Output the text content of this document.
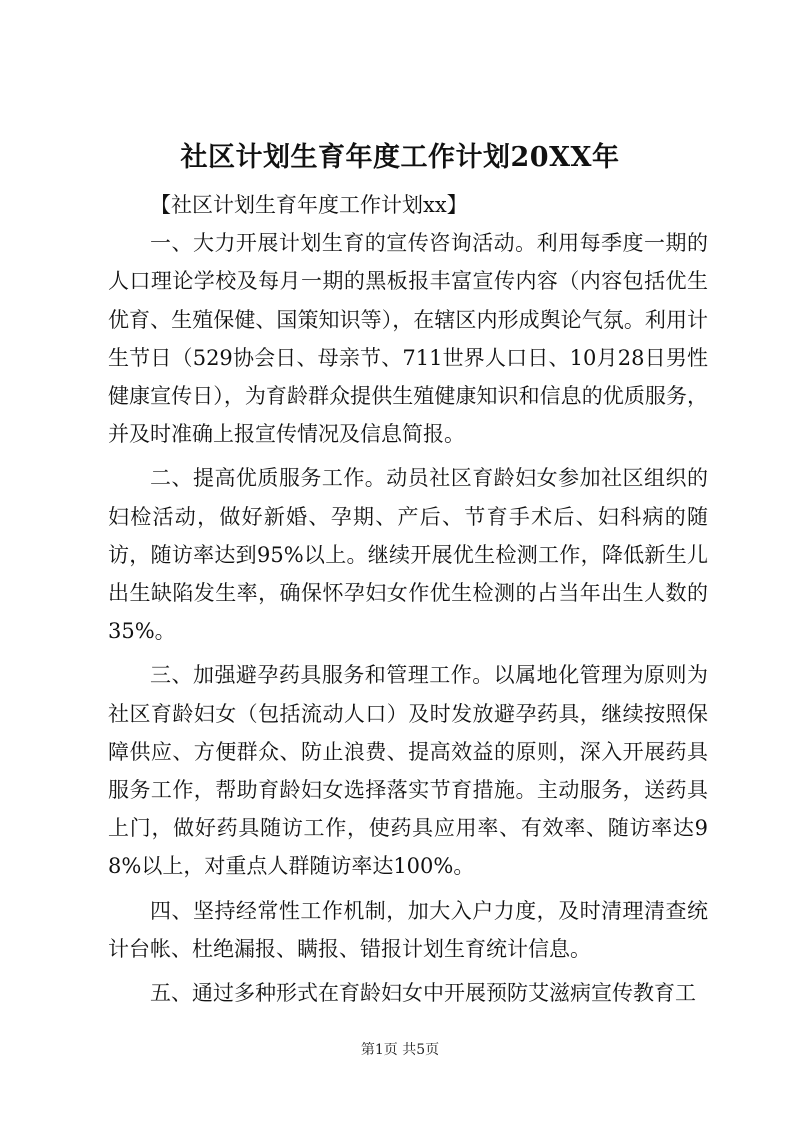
社区计划生育年度工作计划20XX年

【社区计划生育年度工作计划xx】

一、大力开展计划生育的宣传咨询活动。利用每季度一期的人口理论学校及每月一期的黑板报丰富宣传内容（内容包括优生优育、生殖保健、国策知识等），在辖区内形成舆论气氛。利用计生节日（529协会日、母亲节、711世界人口日、10月28日男性健康宣传日），为育龄群众提供生殖健康知识和信息的优质服务，并及时准确上报宣传情况及信息简报。

二、提高优质服务工作。动员社区育龄妇女参加社区组织的妇检活动，做好新婚、孕期、产后、节育手术后、妇科病的随访，随访率达到95%以上。继续开展优生检测工作，降低新生儿出生缺陷发生率，确保怀孕妇女作优生检测的占当年出生人数的35%。

三、加强避孕药具服务和管理工作。以属地化管理为原则为社区育龄妇女（包括流动人口）及时发放避孕药具，继续按照保障供应、方便群众、防止浪费、提高效益的原则，深入开展药具服务工作，帮助育龄妇女选择落实节育措施。主动服务，送药具上门，做好药具随访工作，使药具应用率、有效率、随访率达98%以上，对重点人群随访率达100%。

四、坚持经常性工作机制，加大入户力度，及时清理清查统计台帐、杜绝漏报、瞒报、错报计划生育统计信息。

五、通过多种形式在育龄妇女中开展预防艾滋病宣传教育工

第1页 共5页
